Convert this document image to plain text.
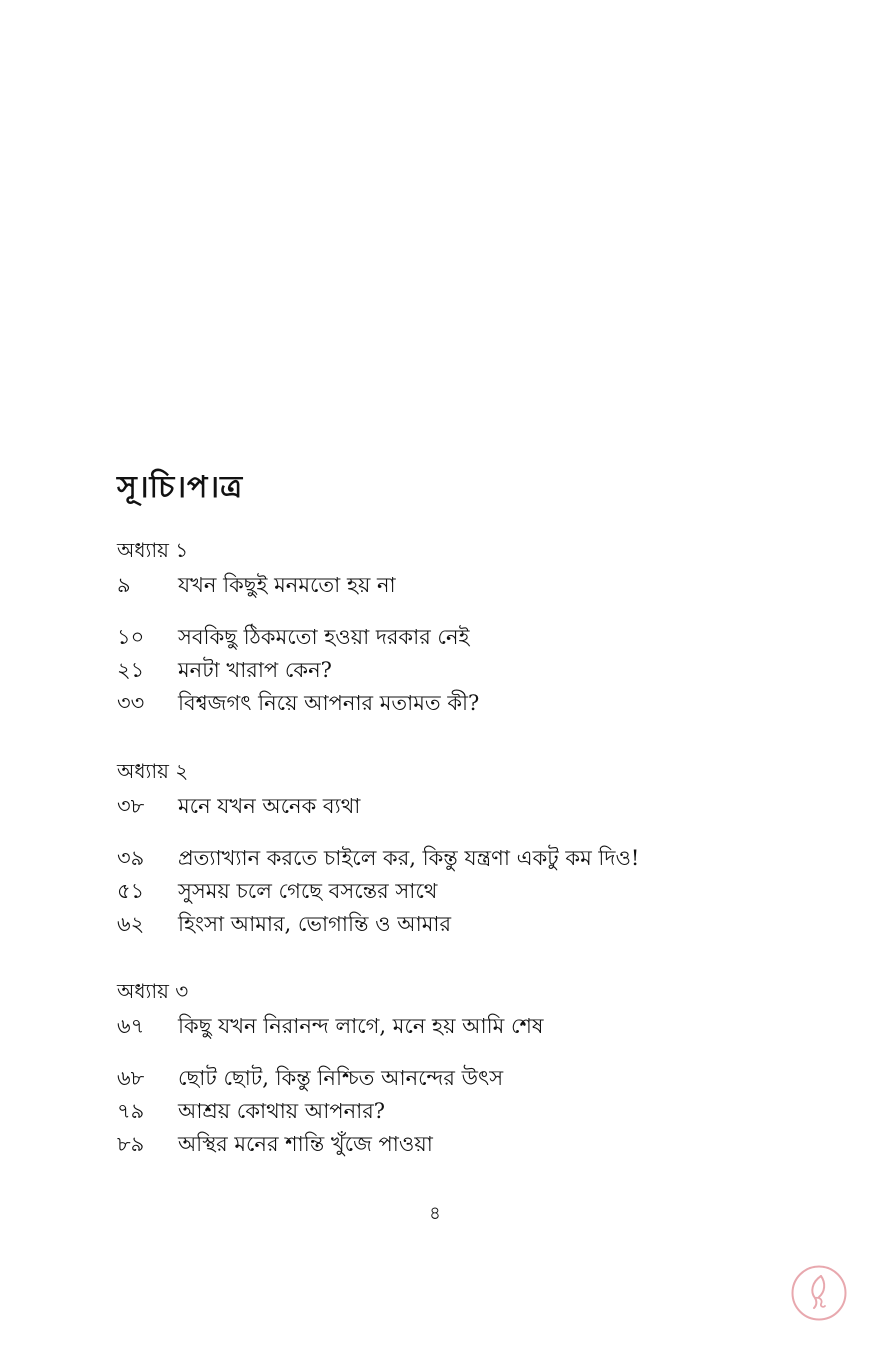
সূ।চি।প।ত্র
অধ্যায় ১
৯	যখন কিছুই মনমতো হয় না
১০	সবকিছু ঠিকমতো হওয়া দরকার নেই
২১	মনটা খারাপ কেন?
৩৩	বিশ্বজগৎ নিয়ে আপনার মতামত কী?
অধ্যায় ২
৩৮	মনে যখন অনেক ব্যথা
৩৯	প্রত্যাখ্যান করতে চাইলে কর, কিন্তু যন্ত্রণা একটু কম দিও!
৫১	সুসময় চলে গেছে বসন্তের সাথে
৬২	হিংসা আমার, ভোগান্তি ও আমার
অধ্যায় ৩
৬৭	কিছু যখন নিরানন্দ লাগে, মনে হয় আমি শেষ
৬৮	ছোট ছোট, কিন্তু নিশ্চিত আনন্দের উৎস
৭৯	আশ্রয় কোথায় আপনার?
৮৯	অস্থির মনের শান্তি খুঁজে পাওয়া
৪
